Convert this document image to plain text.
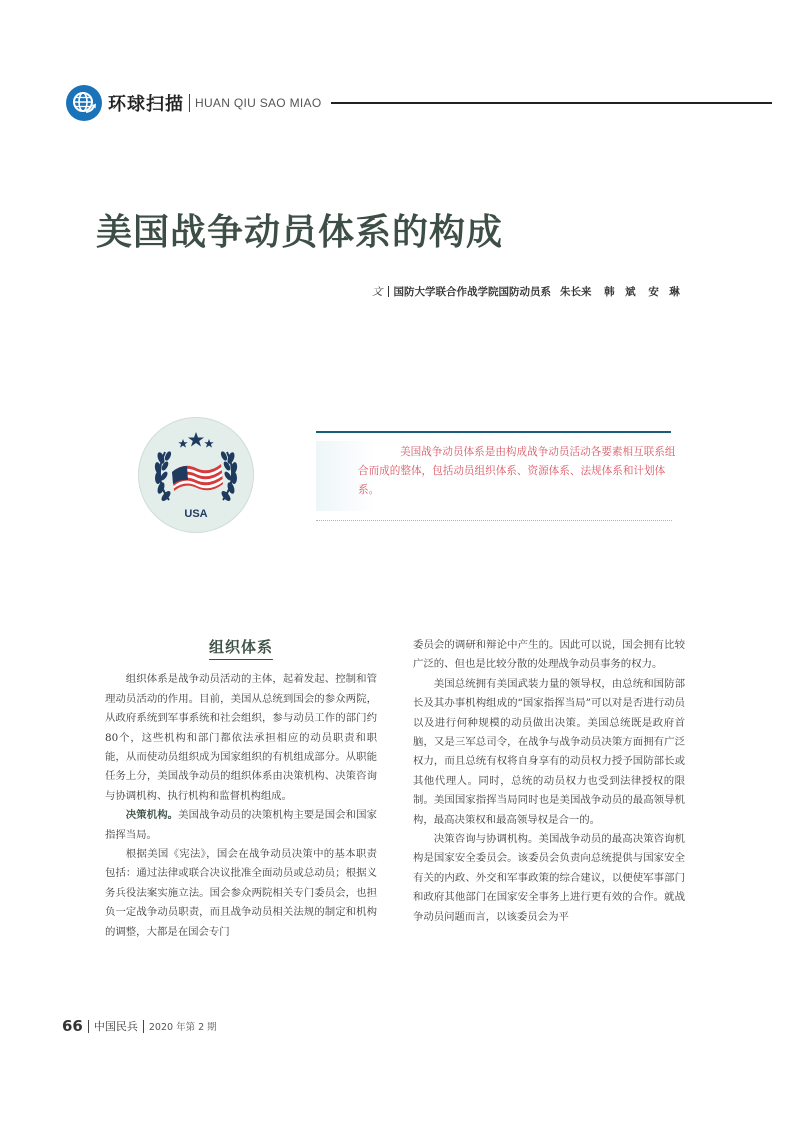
环球扫描 HUAN QIU SAO MIAO
美国战争动员体系的构成
文 国防大学联合作战学院国防动员系 朱长来 韩　斌 安　琳
USA

美国战争动员体系是由构成战争动员活动各要素相互联系组合而成的整体，包括动员组织体系、资源体系、法规体系和计划体系。

组织体系

组织体系是战争动员活动的主体，起着发起、控制和管理动员活动的作用。目前，美国从总统到国会的参众两院，从政府系统到军事系统和社会组织，参与动员工作的部门约80个，这些机构和部门都依法承担相应的动员职责和职能，从而使动员组织成为国家组织的有机组成部分。从职能任务上分，美国战争动员的组织体系由决策机构、决策咨询与协调机构、执行机构和监督机构组成。

决策机构。美国战争动员的决策机构主要是国会和国家指挥当局。

根据美国《宪法》，国会在战争动员决策中的基本职责包括：通过法律或联合决议批准全面动员或总动员；根据义务兵役法案实施立法。国会参众两院相关专门委员会，也担负一定战争动员职责，而且战争动员相关法规的制定和机构的调整，大都是在国会专门

委员会的调研和辩论中产生的。因此可以说，国会拥有比较广泛的、但也是比较分散的处理战争动员事务的权力。

美国总统拥有美国武装力量的领导权，由总统和国防部长及其办事机构组成的“国家指挥当局”可以对是否进行动员以及进行何种规模的动员做出决策。美国总统既是政府首脑，又是三军总司令，在战争与战争动员决策方面拥有广泛权力，而且总统有权将自身享有的动员权力授予国防部长或其他代理人。同时，总统的动员权力也受到法律授权的限制。美国国家指挥当局同时也是美国战争动员的最高领导机构，最高决策权和最高领导权是合一的。

决策咨询与协调机构。美国战争动员的最高决策咨询机构是国家安全委员会。该委员会负责向总统提供与国家安全有关的内政、外交和军事政策的综合建议，以便使军事部门和政府其他部门在国家安全事务上进行更有效的合作。就战争动员问题而言，以该委员会为平

66 中国民兵 2020 年第 2 期
